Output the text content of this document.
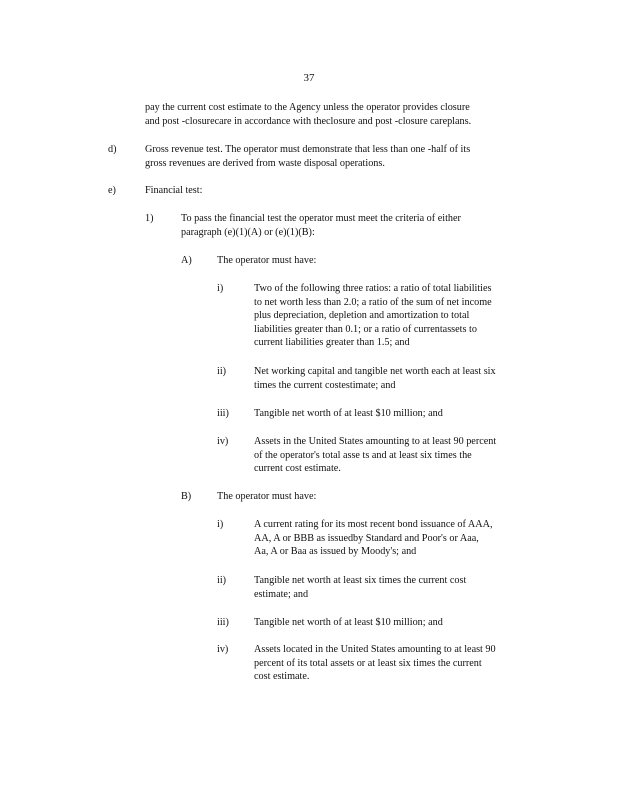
37
pay the current cost estimate to the Agency unless the operator provides closure
and post -closurecare in accordance with theclosure and post -closure careplans.
d)	Gross revenue test. The operator must demonstrate that less than one -half of its
gross revenues are derived from waste disposal operations.
e)	Financial test:
1)	To pass the financial test the operator must meet the criteria of either
paragraph (e)(1)(A) or (e)(1)(B):
A) The operator must have:
i)	Two of the following three ratios: a ratio of total liabilities
to net worth less than 2.0; a ratio of the sum of net income
plus depreciation, depletion and amortization to total
liabilities greater than 0.1; or a ratio of currentassets to
current liabilities greater than 1.5; and
ii)	Net working capital and tangible net worth each at least six
times the current costestimate; and
iii) Tangible net worth of at least $10 million; and
iv)	Assets in the United States amounting to at least 90 percent
of the operator's total asse ts and at least six times the
current cost estimate.
B)	The operator must have:
i)	A current rating for its most recent bond issuance of AAA,
AA, A or BBB as issuedby Standard and Poor's or Aaa,
Aa, A or Baa as issued by Moody's; and
ii)	Tangible net worth at least six times the current cost
estimate; and
iii) Tangible net worth of at least $10 million; and
iv)	Assets located in the United States amounting to at least 90
percent of its total assets or at least six times the current
cost estimate.
